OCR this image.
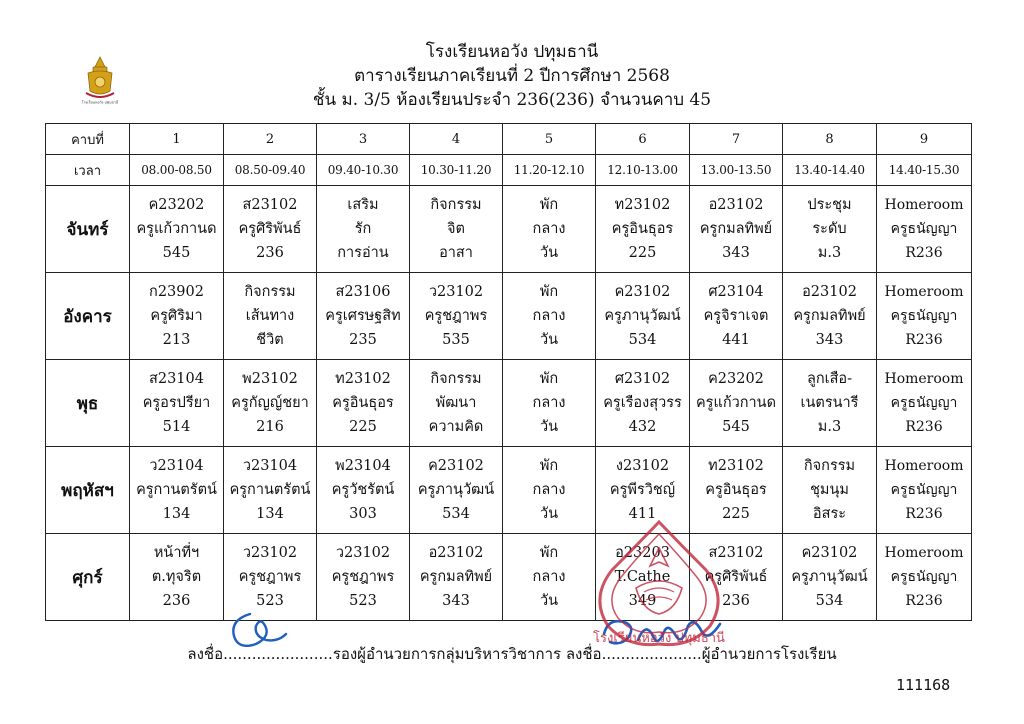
โรงเรียนหอวัง ปทุมธานี
ตารางเรียนภาคเรียนที่ 2 ปีการศึกษา 2568
ชั้น ม. 3/5 ห้องเรียนประจำ 236(236) จำนวนคาบ 45
โรงเรียนหอวัง ปทุมธานี
คาบที่	1	2	3	4	5	6	7	8	9
เวลา	08.00-08.50	08.50-09.40	09.40-10.30	10.30-11.20	11.20-12.10	12.10-13.00	13.00-13.50	13.40-14.40	14.40-15.30
จันทร์	ค23202
ครูแก้วกานด
545	ส23102
ครูศิริพันธ์
236	เสริม
รัก
การอ่าน	กิจกรรม
จิต
อาสา	พัก
กลาง
วัน	ท23102
ครูอินธุอร
225	อ23102
ครูกมลทิพย์
343	ประชุม
ระดับ
ม.3	Homeroom
ครูธนัญญา
R236

อังคาร	ก23902
ครูศิริมา
213	กิจกรรม
เส้นทาง
ชีวิต	ส23106
ครูเศรษฐสิท
235	ว23102
ครูชฎาพร
535	พัก
กลาง
วัน	ค23102
ครูภานุวัฒน์
534	ศ23104
ครูจิราเจต
441	อ23102
ครูกมลทิพย์
343	Homeroom
ครูธนัญญา
R236

พุธ	ส23104
ครูอรปรียา
514	พ23102
ครูกัญญ์ชยา
216	ท23102
ครูอินธุอร
225	กิจกรรม
พัฒนา
ความคิด	พัก
กลาง
วัน	ศ23102
ครูเรืองสุวรร
432	ค23202
ครูแก้วกานด
545	ลูกเสือ-
เนตรนารี
ม.3	Homeroom
ครูธนัญญา
R236

พฤหัสฯ	ว23104
ครูกานตรัตน์
134	ว23104
ครูกานตรัตน์
134	พ23104
ครูวัชรัตน์
303	ค23102
ครูภานุวัฒน์
534	พัก
กลาง
วัน	ง23102
ครูพีรวิชญ์
411	ท23102
ครูอินธุอร
225	กิจกรรม
ชุมนุม
อิสระ	Homeroom
ครูธนัญญา
R236

ศุกร์	หน้าที่ฯ
ต.ทุจริต
236	ว23102
ครูชฎาพร
523	ว23102
ครูชฎาพร
523	อ23102
ครูกมลทิพย์
343	พัก
กลาง
วัน	อ23203
T.Cathe
349	ส23102
ครูศิริพันธ์
236	ค23102
ครูภานุวัฒน์
534	Homeroom
ครูธนัญญา
R236
ลงชื่อ.......................รองผู้อำนวยการกลุ่มบริหารวิชาการ ลงชื่อ.....................ผู้อำนวยการโรงเรียน
111168
โรงเรียนหอวัง ปทุมธานี
